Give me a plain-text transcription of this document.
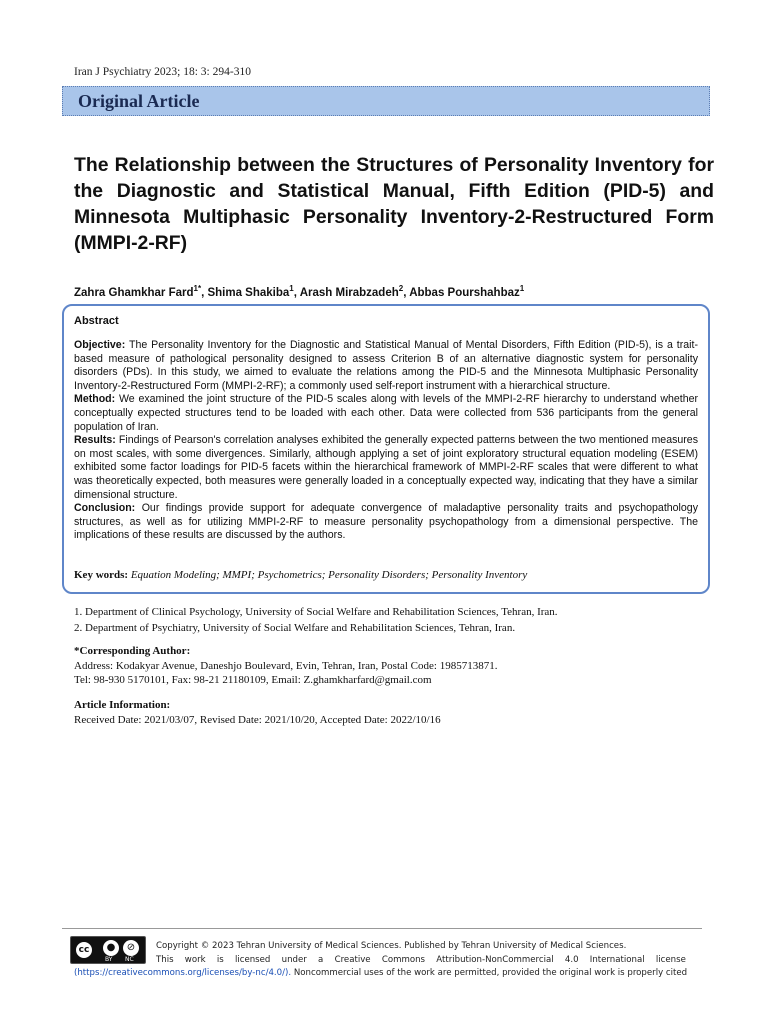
Iran J Psychiatry 2023; 18: 3: 294-310
Original Article
The Relationship between the Structures of Personality Inventory for the Diagnostic and Statistical Manual, Fifth Edition (PID-5) and Minnesota Multiphasic Personality Inventory-2-Restructured Form (MMPI-2-RF)
Zahra Ghamkhar Fard$^{1*}$, Shima Shakiba$^1$, Arash Mirabzadeh$^2$, Abbas Pourshahbaz$^1$
Abstract

Objective: The Personality Inventory for the Diagnostic and Statistical Manual of Mental Disorders, Fifth Edition (PID-5), is a trait-based measure of pathological personality designed to assess Criterion B of an alternative diagnostic system for personality disorders (PDs). In this study, we aimed to evaluate the relations among the PID-5 and the Minnesota Multiphasic Personality Inventory-2-Restructured Form (MMPI-2-RF); a commonly used self-report instrument with a hierarchical structure.

Method: We examined the joint structure of the PID-5 scales along with levels of the MMPI-2-RF hierarchy to understand whether conceptually expected structures tend to be loaded with each other. Data were collected from 536 participants from the general population of Iran.

Results: Findings of Pearson's correlation analyses exhibited the generally expected patterns between the two mentioned measures on most scales, with some divergences. Similarly, although applying a set of joint exploratory structural equation modeling (ESEM) exhibited some factor loadings for PID-5 facets within the hierarchical framework of MMPI-2-RF scales that were different to what was theoretically expected, both measures were generally loaded in a conceptually expected way, indicating that they have a similar dimensional structure.

Conclusion: Our findings provide support for adequate convergence of maladaptive personality traits and psychopathology structures, as well as for utilizing MMPI-2-RF to measure personality psychopathology from a dimensional perspective. The implications of these results are discussed by the authors.

Key words: Equation Modeling; MMPI; Psychometrics; Personality Disorders; Personality Inventory
1. Department of Clinical Psychology, University of Social Welfare and Rehabilitation Sciences, Tehran, Iran.
2. Department of Psychiatry, University of Social Welfare and Rehabilitation Sciences, Tehran, Iran.
*Corresponding Author:
Address: Kodakyar Avenue, Daneshjo Boulevard, Evin, Tehran, Iran, Postal Code: 1985713871.
Tel: 98-930 5170101, Fax: 98-21 21180109, Email: Z.ghamkharfard@gmail.com
Article Information:
Received Date: 2021/03/07, Revised Date: 2021/10/20, Accepted Date: 2022/10/16
cc	●	⊘
BY NC
Copyright © 2023 Tehran University of Medical Sciences. Published by Tehran University of Medical Sciences.
This work is licensed under a Creative Commons Attribution-NonCommercial 4.0 International license
(https://creativecommons.org/licenses/by-nc/4.0/). Noncommercial uses of the work are permitted, provided the original work is properly cited
